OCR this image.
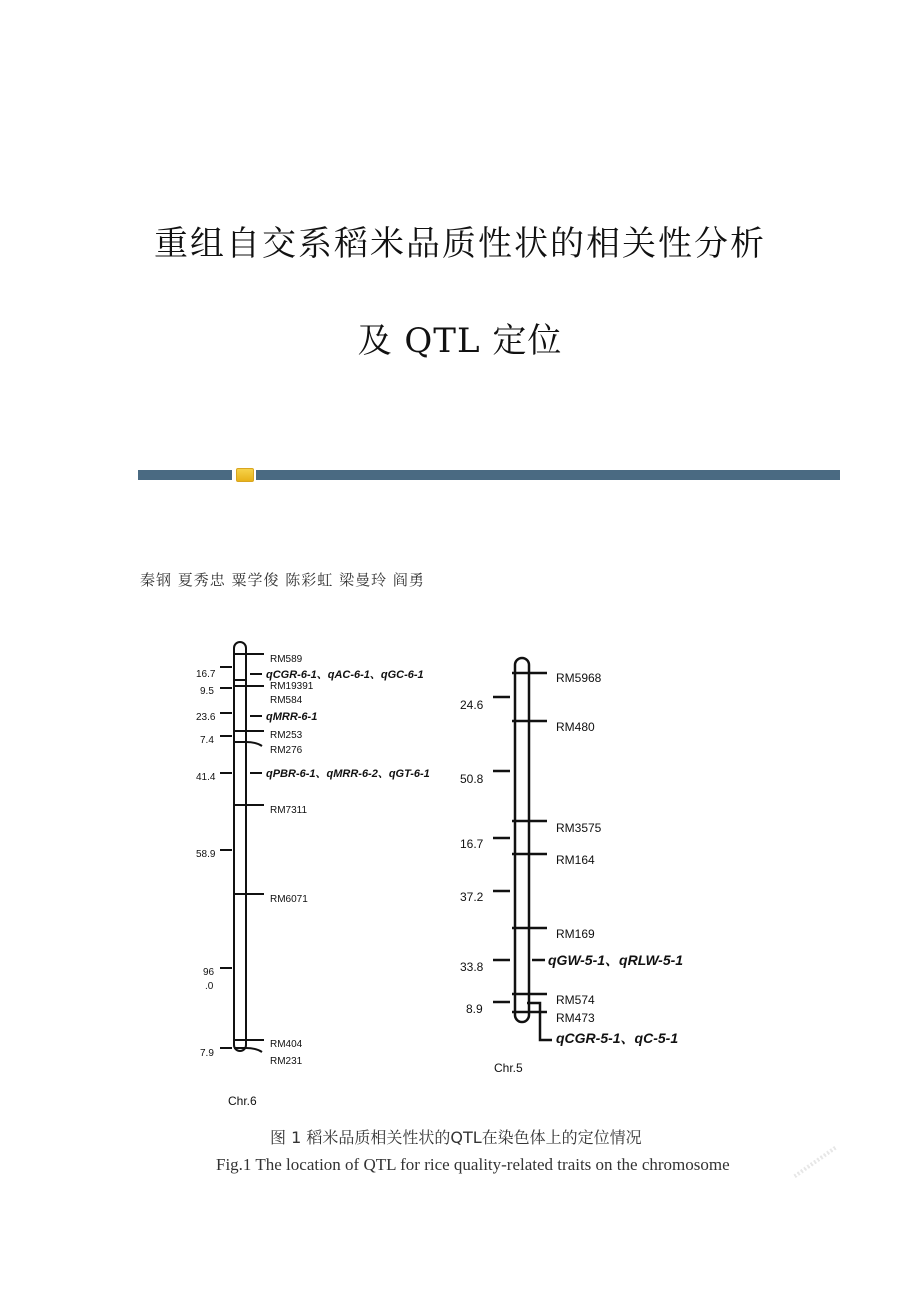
重组自交系稻米品质性状的相关性分析
及 QTL 定位
秦钢 夏秀忠 粟学俊 陈彩虹 梁曼玲 阎勇
16.7
9.5
23.6
7.4
41.4
58.9
96
.0
7.9
RM589
RM19391
RM584
RM253
RM276
RM7311
RM6071
RM404
RM231
qCGR-6-1、qAC-6-1、qGC-6-1
qMRR-6-1
qPBR-6-1、qMRR-6-2、qGT-6-1
Chr.6
24.6
50.8
16.7
37.2
33.8
8.9
RM5968
RM480
RM3575
RM164
RM169
RM574
RM473
qGW-5-1、qRLW-5-1
qCGR-5-1、qC-5-1
Chr.5
图 1 稻米品质相关性状的QTL在染色体上的定位情况
Fig.1 The location of QTL for rice quality-related traits on the chromosome
